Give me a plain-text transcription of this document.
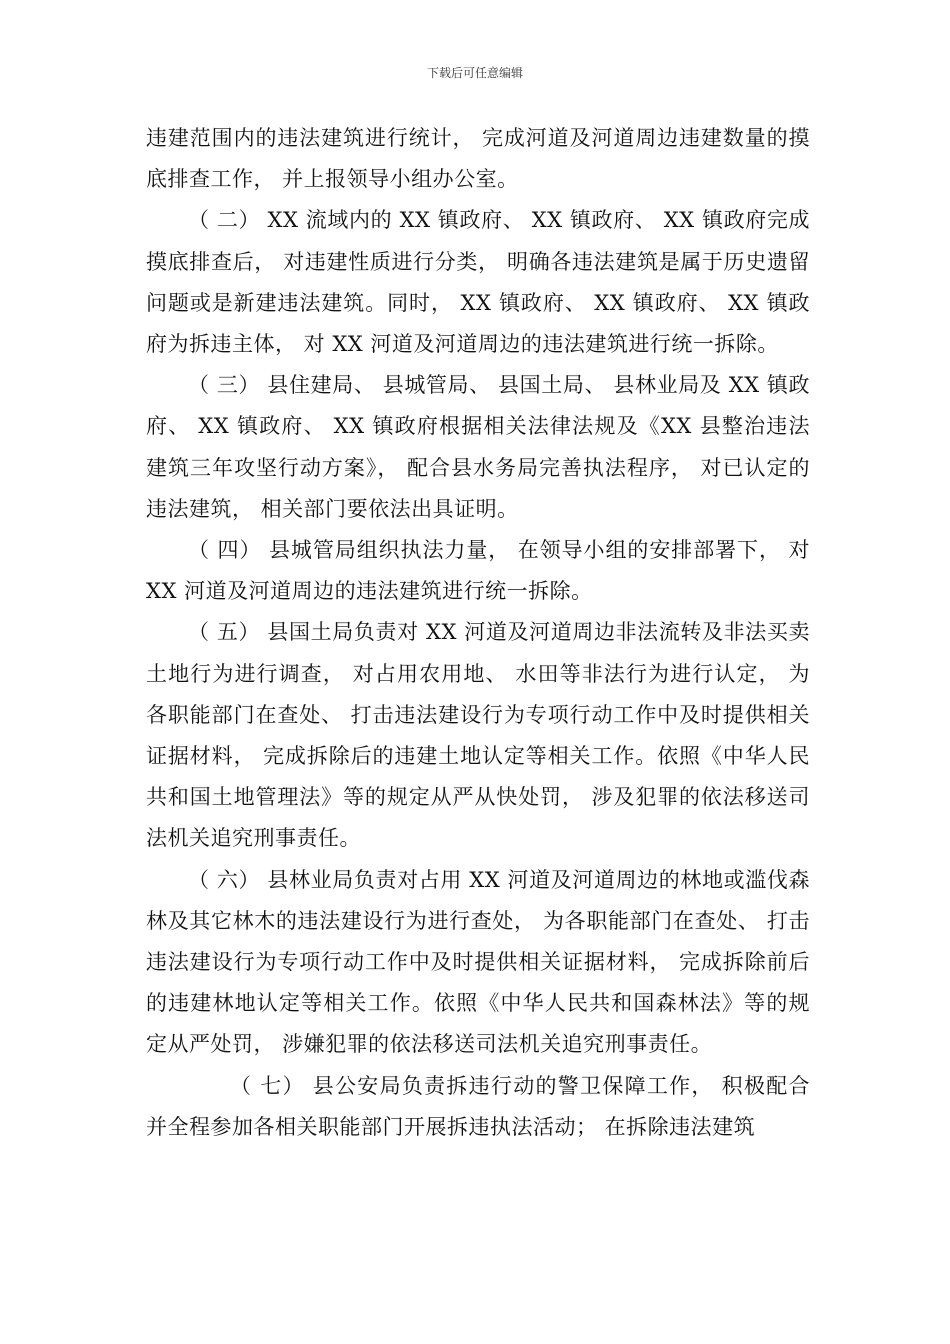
下载后可任意编辑

违建范围内的违法建筑进行统计， 完成河道及河道周边违建数量的摸底排查工作， 并上报领导小组办公室。

（ 二） XX 流域内的 XX 镇政府、 XX 镇政府、 XX 镇政府完成摸底排查后， 对违建性质进行分类， 明确各违法建筑是属于历史遗留问题或是新建违法建筑。同时， XX 镇政府、 XX 镇政府、 XX 镇政府为拆违主体， 对 XX 河道及河道周边的违法建筑进行统一拆除。

（ 三） 县住建局、 县城管局、 县国土局、 县林业局及 XX 镇政府、 XX 镇政府、 XX 镇政府根据相关法律法规及《XX 县整治违法建筑三年攻坚行动方案》， 配合县水务局完善执法程序， 对已认定的违法建筑， 相关部门要依法出具证明。

（ 四） 县城管局组织执法力量， 在领导小组的安排部署下， 对 XX 河道及河道周边的违法建筑进行统一拆除。

（ 五） 县国土局负责对 XX 河道及河道周边非法流转及非法买卖土地行为进行调查， 对占用农用地、 水田等非法行为进行认定， 为各职能部门在查处、 打击违法建设行为专项行动工作中及时提供相关证据材料， 完成拆除后的违建土地认定等相关工作。依照《中华人民共和国土地管理法》等的规定从严从快处罚， 涉及犯罪的依法移送司法机关追究刑事责任。

（ 六） 县林业局负责对占用 XX 河道及河道周边的林地或滥伐森林及其它林木的违法建设行为进行查处， 为各职能部门在查处、 打击违法建设行为专项行动工作中及时提供相关证据材料， 完成拆除前后的违建林地认定等相关工作。依照《中华人民共和国森林法》等的规定从严处罚， 涉嫌犯罪的依法移送司法机关追究刑事责任。

（ 七） 县公安局负责拆违行动的警卫保障工作， 积极配合并全程参加各相关职能部门开展拆违执法活动； 在拆除违法建筑
